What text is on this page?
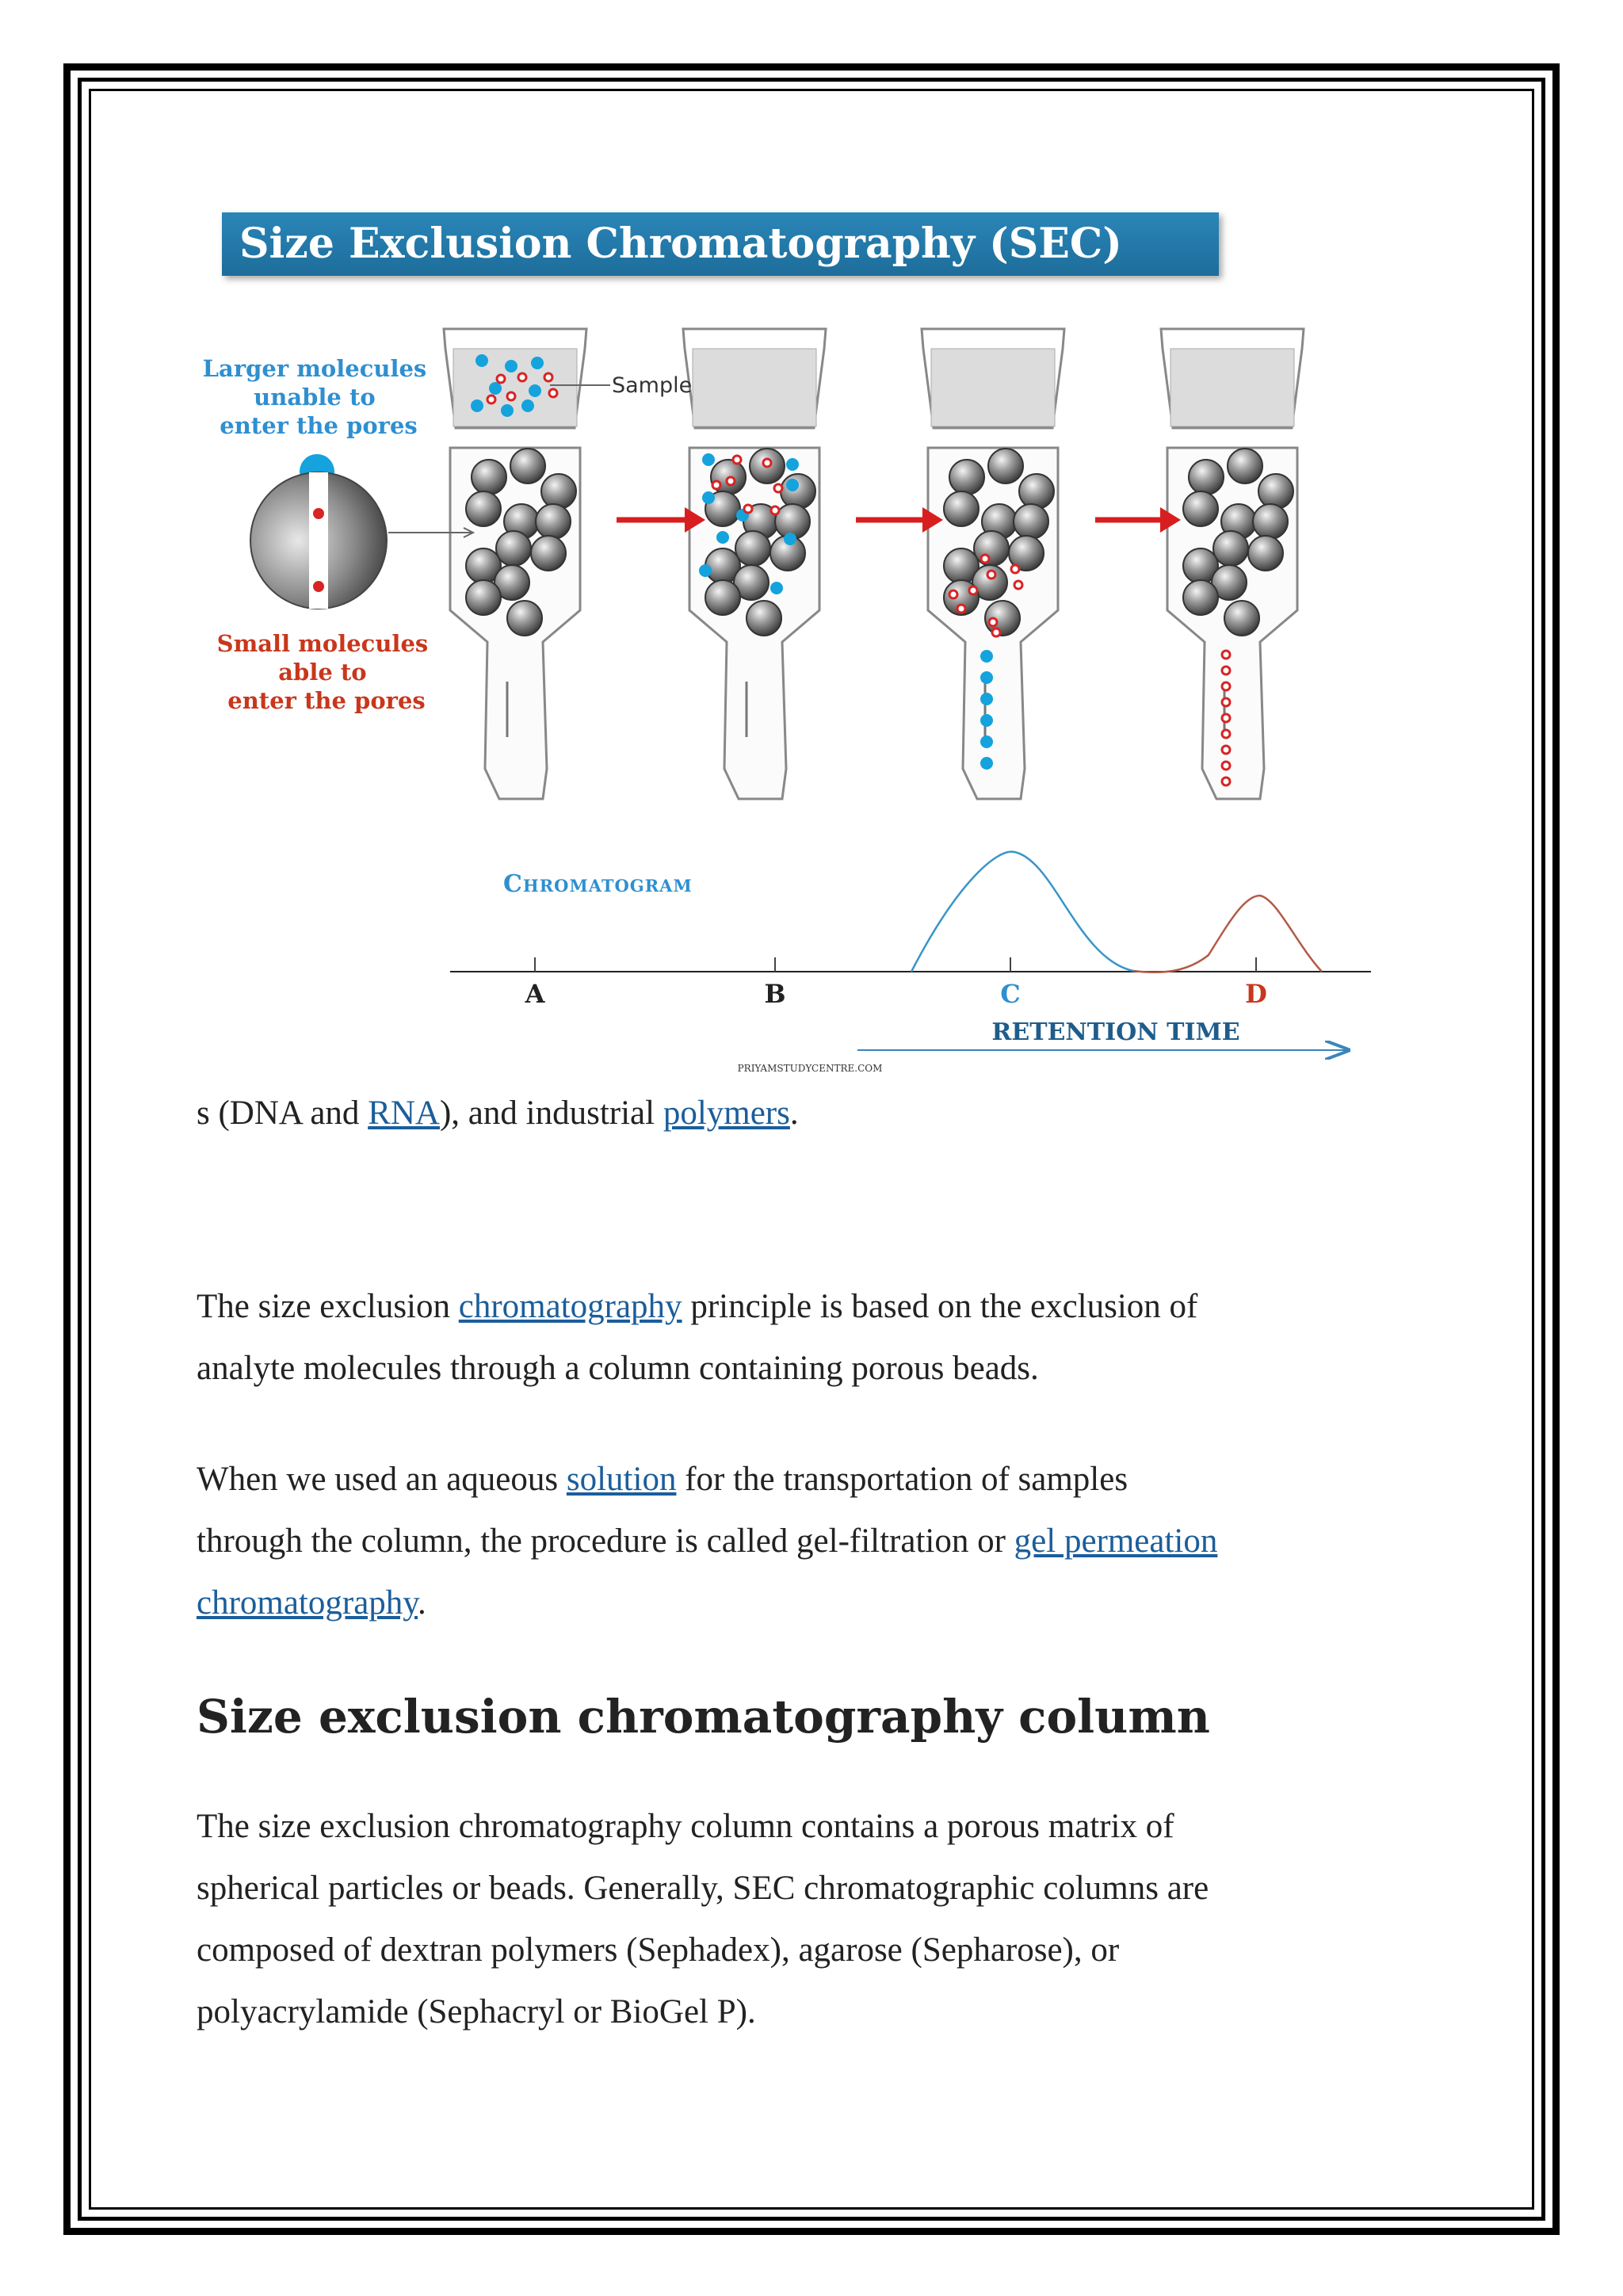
Size Exclusion Chromatography (SEC)
Larger molecules unable to enter the pores
Small molecules able to enter the pores
Sample
Chromatogram
A	B	C	D
RETENTION TIME
PRIYAMSTUDYCENTRE.COM
s (DNA and RNA), and industrial polymers.
The size exclusion chromatography principle is based on the exclusion of
analyte molecules through a column containing porous beads.
When we used an aqueous solution for the transportation of samples
through the column, the procedure is called gel-filtration or gel permeation
chromatography.
Size exclusion chromatography column
The size exclusion chromatography column contains a porous matrix of
spherical particles or beads. Generally, SEC chromatographic columns are
composed of dextran polymers (Sephadex), agarose (Sepharose), or
polyacrylamide (Sephacryl or BioGel P).
